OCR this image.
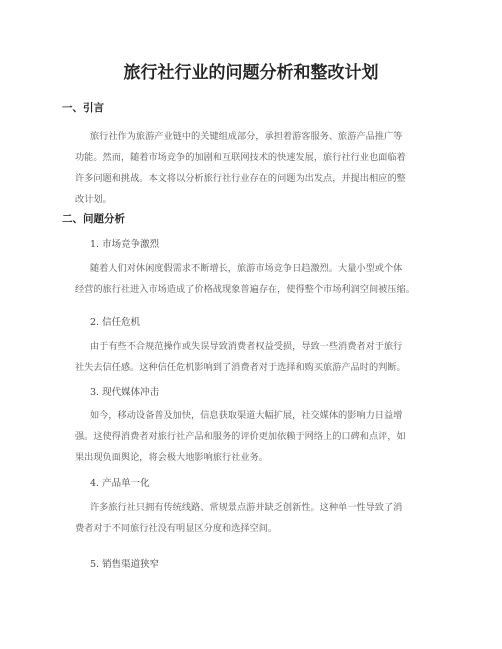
旅行社行业的问题分析和整改计划
一、引言
旅行社作为旅游产业链中的关键组成部分，承担着游客服务、旅游产品推广等
功能。然而，随着市场竞争的加剧和互联网技术的快速发展，旅行社行业也面临着
许多问题和挑战。本文将以分析旅行社行业存在的问题为出发点，并提出相应的整
改计划。
二、问题分析

1. 市场竞争激烈

随着人们对休闲度假需求不断增长，旅游市场竞争日趋激烈。大量小型或个体
经营的旅行社进入市场造成了价格战现象普遍存在，使得整个市场利润空间被压缩。

2. 信任危机

由于有些不合规范操作或失误导致消费者权益受损，导致一些消费者对于旅行
社失去信任感。这种信任危机影响到了消费者对于选择和购买旅游产品时的判断。

3. 现代媒体冲击

如今，移动设备普及加快，信息获取渠道大幅扩展，社交媒体的影响力日益增
强。这使得消费者对旅行社产品和服务的评价更加依赖于网络上的口碑和点评，如
果出现负面舆论，将会极大地影响旅行社业务。

4. 产品单一化

许多旅行社只拥有传统线路、常规景点游并缺乏创新性。这种单一性导致了消
费者对于不同旅行社没有明显区分度和选择空间。

5. 销售渠道狭窄
